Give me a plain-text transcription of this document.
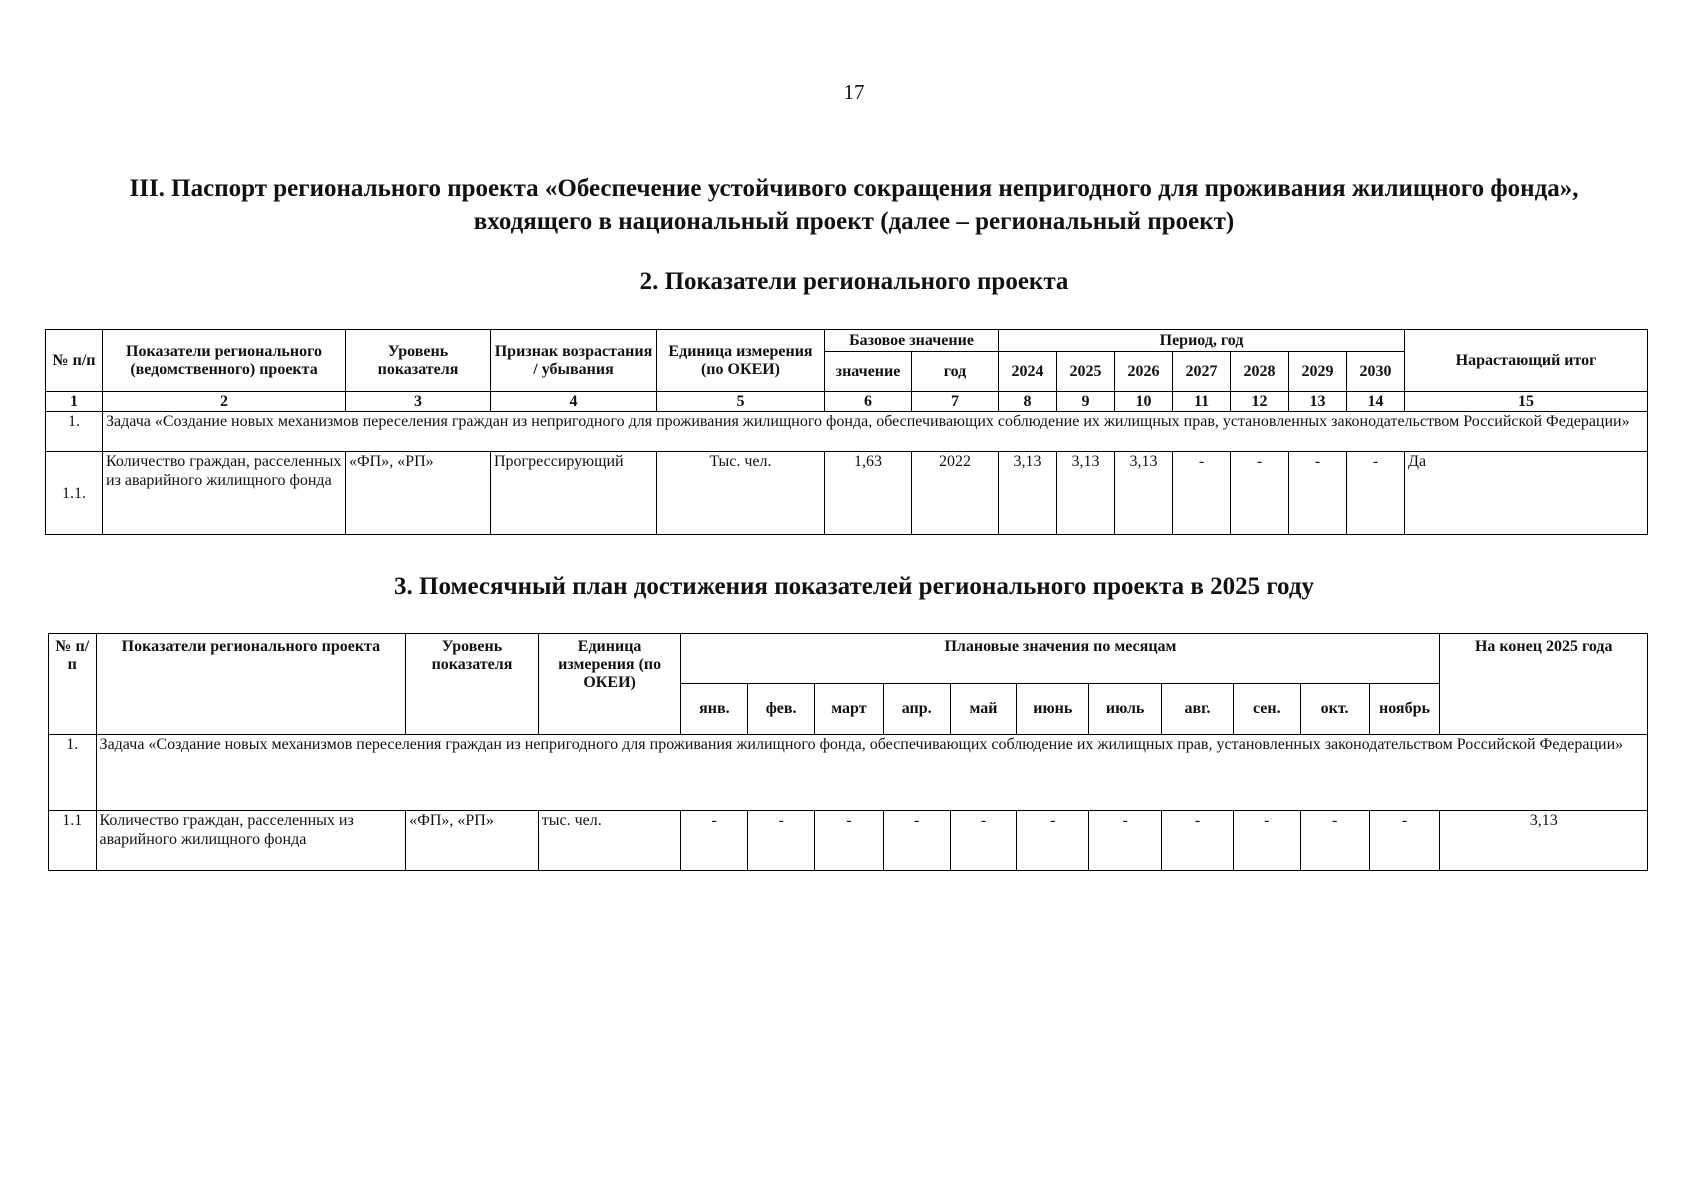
17
III. Паспорт регионального проекта «Обеспечение устойчивого сокращения непригодного для проживания жилищного фонда», входящего в национальный проект (далее – региональный проект)
2. Показатели регионального проекта
№ п/п	Показатели регионального (ведомственного) проекта	Уровень показателя	Признак возрастания / убывания	Единица измерения (по ОКЕИ)	Базовое значение		Период, год							Нарастающий итог
					значение	год	2024	2025	2026	2027	2028	2029	2030	
1	2	3	4	5	6	7	8	9	10	11	12	13	14	15
1.	Задача «Создание новых механизмов переселения граждан из непригодного для проживания жилищного фонда, обеспечивающих соблюдение их жилищных прав, установленных законодательством Российской Федерации»													
1.1.	Количество граждан, расселенных из аварийного жилищного фонда	«ФП», «РП»	Прогрессирующий	Тыс. чел.	1,63	2022	3,13	3,13	3,13	-	-	-	-	Да
3. Помесячный план достижения показателей регионального проекта в 2025 году
№ п/п	Показатели регионального проекта	Уровень показателя	Единица измерения (по ОКЕИ)	Плановые значения по месяцам											На конец 2025 года
				янв.	фев.	март	апр.	май	июнь	июль	авг.	сен.	окт.	ноябрь	
1.	Задача «Создание новых механизмов переселения граждан из непригодного для проживания жилищного фонда, обеспечивающих соблюдение их жилищных прав, установленных законодательством Российской Федерации»														
1.1	Количество граждан, расселенных из аварийного жилищного фонда	«ФП», «РП»	тыс. чел.	-	-	-	-	-	-	-	-	-	-	-	3,13
